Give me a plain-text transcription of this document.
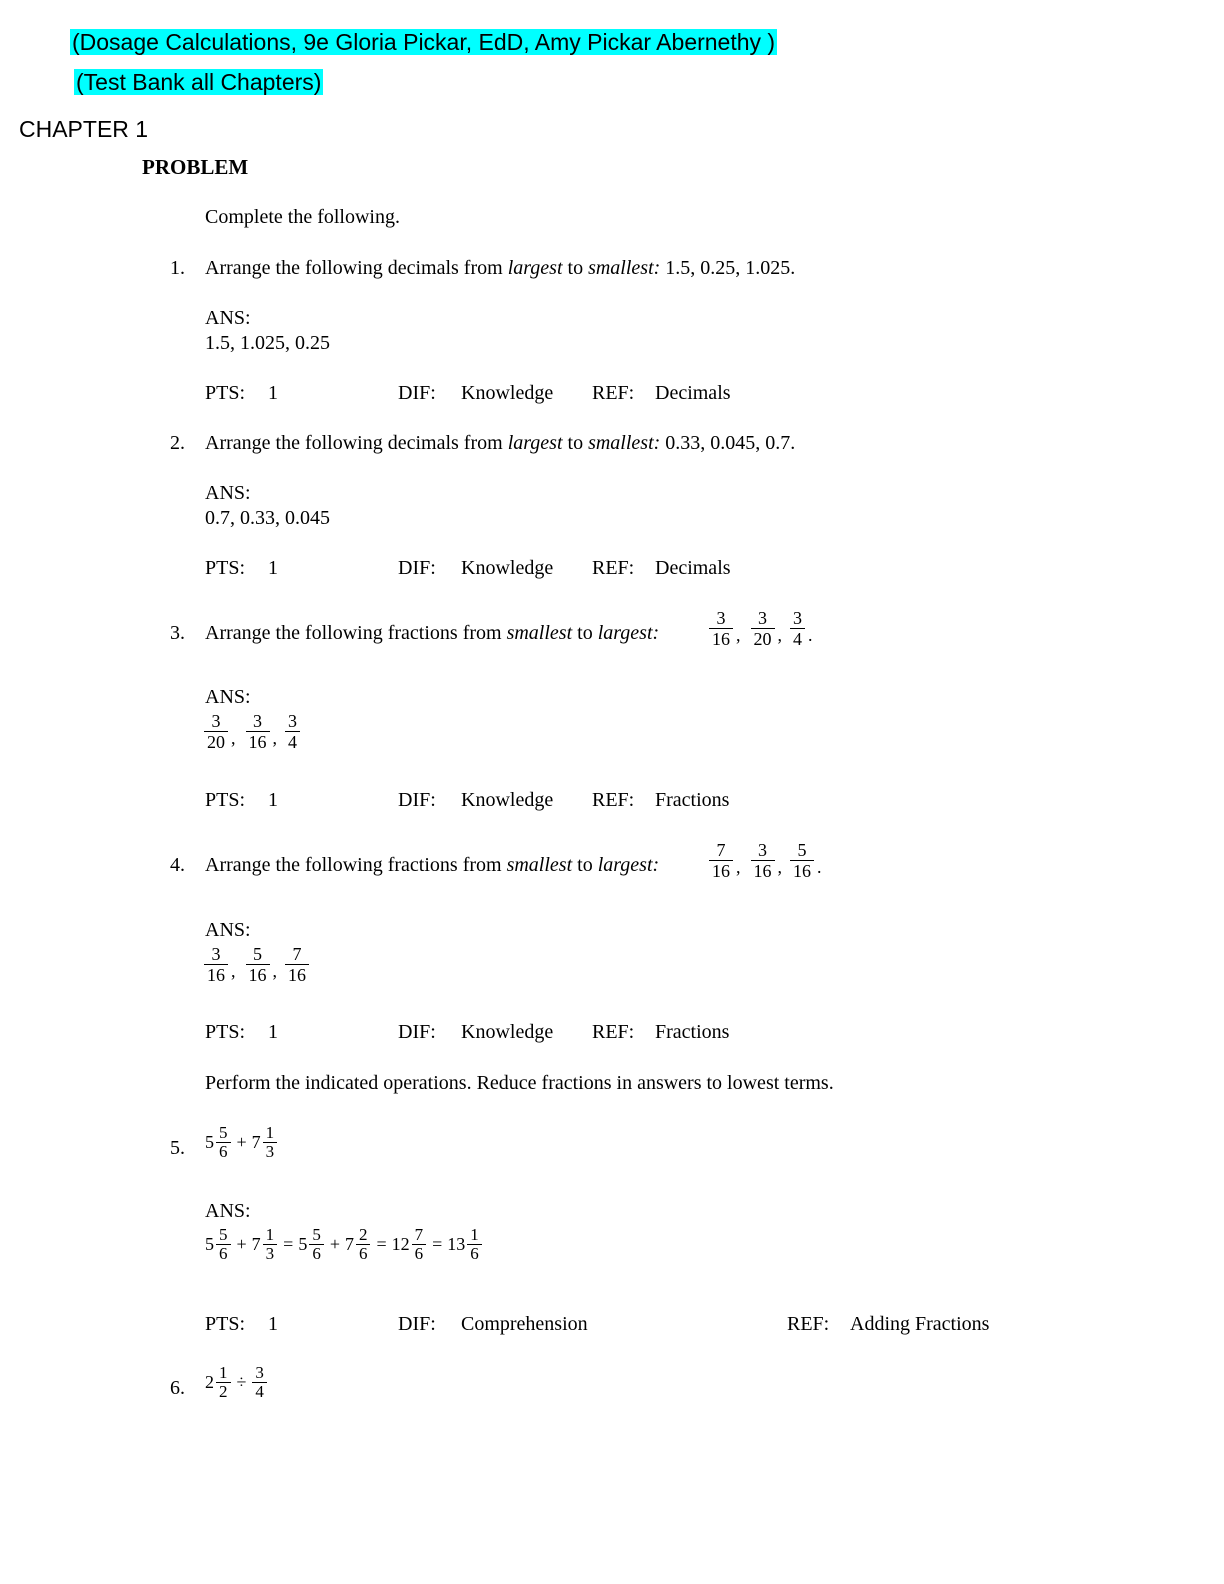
(Dosage Calculations, 9e Gloria Pickar, EdD, Amy Pickar Abernethy )
(Test Bank all Chapters)
CHAPTER 1
PROBLEM
Complete the following.
1. Arrange the following decimals from largest to smallest: 1.5, 0.25, 1.025.
ANS:
1.5, 1.025, 0.25
PTS: 1	DIF: Knowledge REF: Decimals
2. Arrange the following decimals from largest to smallest: 0.33, 0.045, 0.7.
ANS:
0.7, 0.33, 0.045
PTS: 1	DIF: Knowledge REF: Decimals
3. Arrange the following fractions from smallest to largest:	$\frac{3}{16}$ , $\frac{3}{20}$ , $\frac{3}{4}$ .
ANS:
$\frac{3}{20}$ , $\frac{3}{16}$ , $\frac{3}{4}$
PTS: 1	DIF: Knowledge REF: Fractions
4. Arrange the following fractions from smallest to largest:	$\frac{7}{16}$ , $\frac{3}{16}$ , $\frac{5}{16}$ .
ANS:
$\frac{3}{16}$ , $\frac{5}{16}$ , $\frac{7}{16}$
PTS: 1	DIF: Knowledge REF: Fractions
Perform the indicated operations. Reduce fractions in answers to lowest terms.
5. $5 \frac{5}{6} + 7 \frac{1}{3}$
ANS:
$5 \frac{5}{6} + 7 \frac{1}{3} = 5 \frac{5}{6} + 7 \frac{2}{6} = 12 \frac{7}{6} = 13 \frac{1}{6}$
PTS: 1	DIF: Comprehension	REF: Adding Fractions
6. $2 \frac{1}{2} \div \frac{3}{4}$
